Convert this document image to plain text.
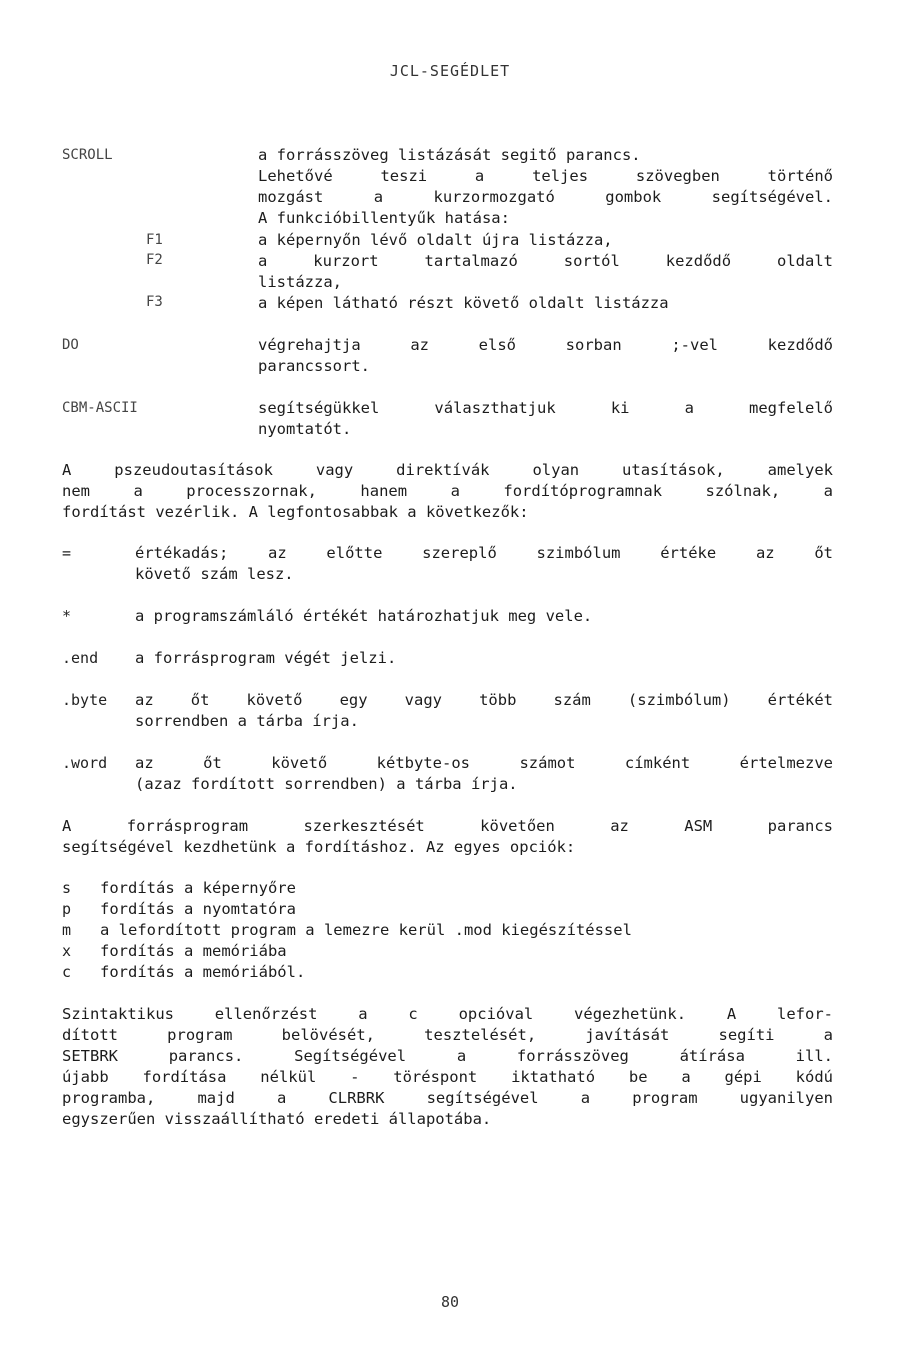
JCL-SEGÉDLET
SCROLL	a forrásszöveg listázását segitő parancs.
Lehetővé teszi a teljes szövegben történő
mozgást a kurzormozgató gombok segítségével.
A funkcióbillentyűk hatása:
F1	a képernyőn lévő oldalt újra listázza,
F2	a kurzort tartalmazó sortól kezdődő oldalt
listázza,
F3	a képen látható részt követő oldalt listázza
DO	végrehajtja az első sorban ;-vel kezdődő
parancssort.
CBM-ASCII	segítségükkel választhatjuk ki a megfelelő
nyomtatót.
A pszeudoutasítások vagy direktívák olyan utasítások, amelyek
nem a processzornak, hanem a fordítóprogramnak szólnak, a
fordítást vezérlik. A legfontosabbak a következők:
=	értékadás; az előtte szereplő szimbólum értéke az őt
követő szám lesz.
*	a programszámláló értékét határozhatjuk meg vele.
.end a forrásprogram végét jelzi.
.byte az őt követő egy vagy több szám (szimbólum) értékét
sorrendben a tárba írja.
.word az őt követő kétbyte-os számot címként értelmezve
(azaz fordított sorrendben) a tárba írja.
A forrásprogram szerkesztését követően az ASM parancs
segítségével kezdhetünk a fordításhoz. Az egyes opciók:
s fordítás a képernyőre
p fordítás a nyomtatóra
m a lefordított program a lemezre kerül .mod kiegészítéssel
x fordítás a memóriába
c fordítás a memóriából.
Szintaktikus ellenőrzést a c opcióval végezhetünk. A lefor-
dított program belövését, tesztelését, javítását segíti a
SETBRK parancs. Segítségével a forrásszöveg átírása ill.
újabb fordítása nélkül - töréspont iktatható be a gépi kódú
programba, majd a CLRBRK segítségével a program ugyanilyen
egyszerűen visszaállítható eredeti állapotába.
80
